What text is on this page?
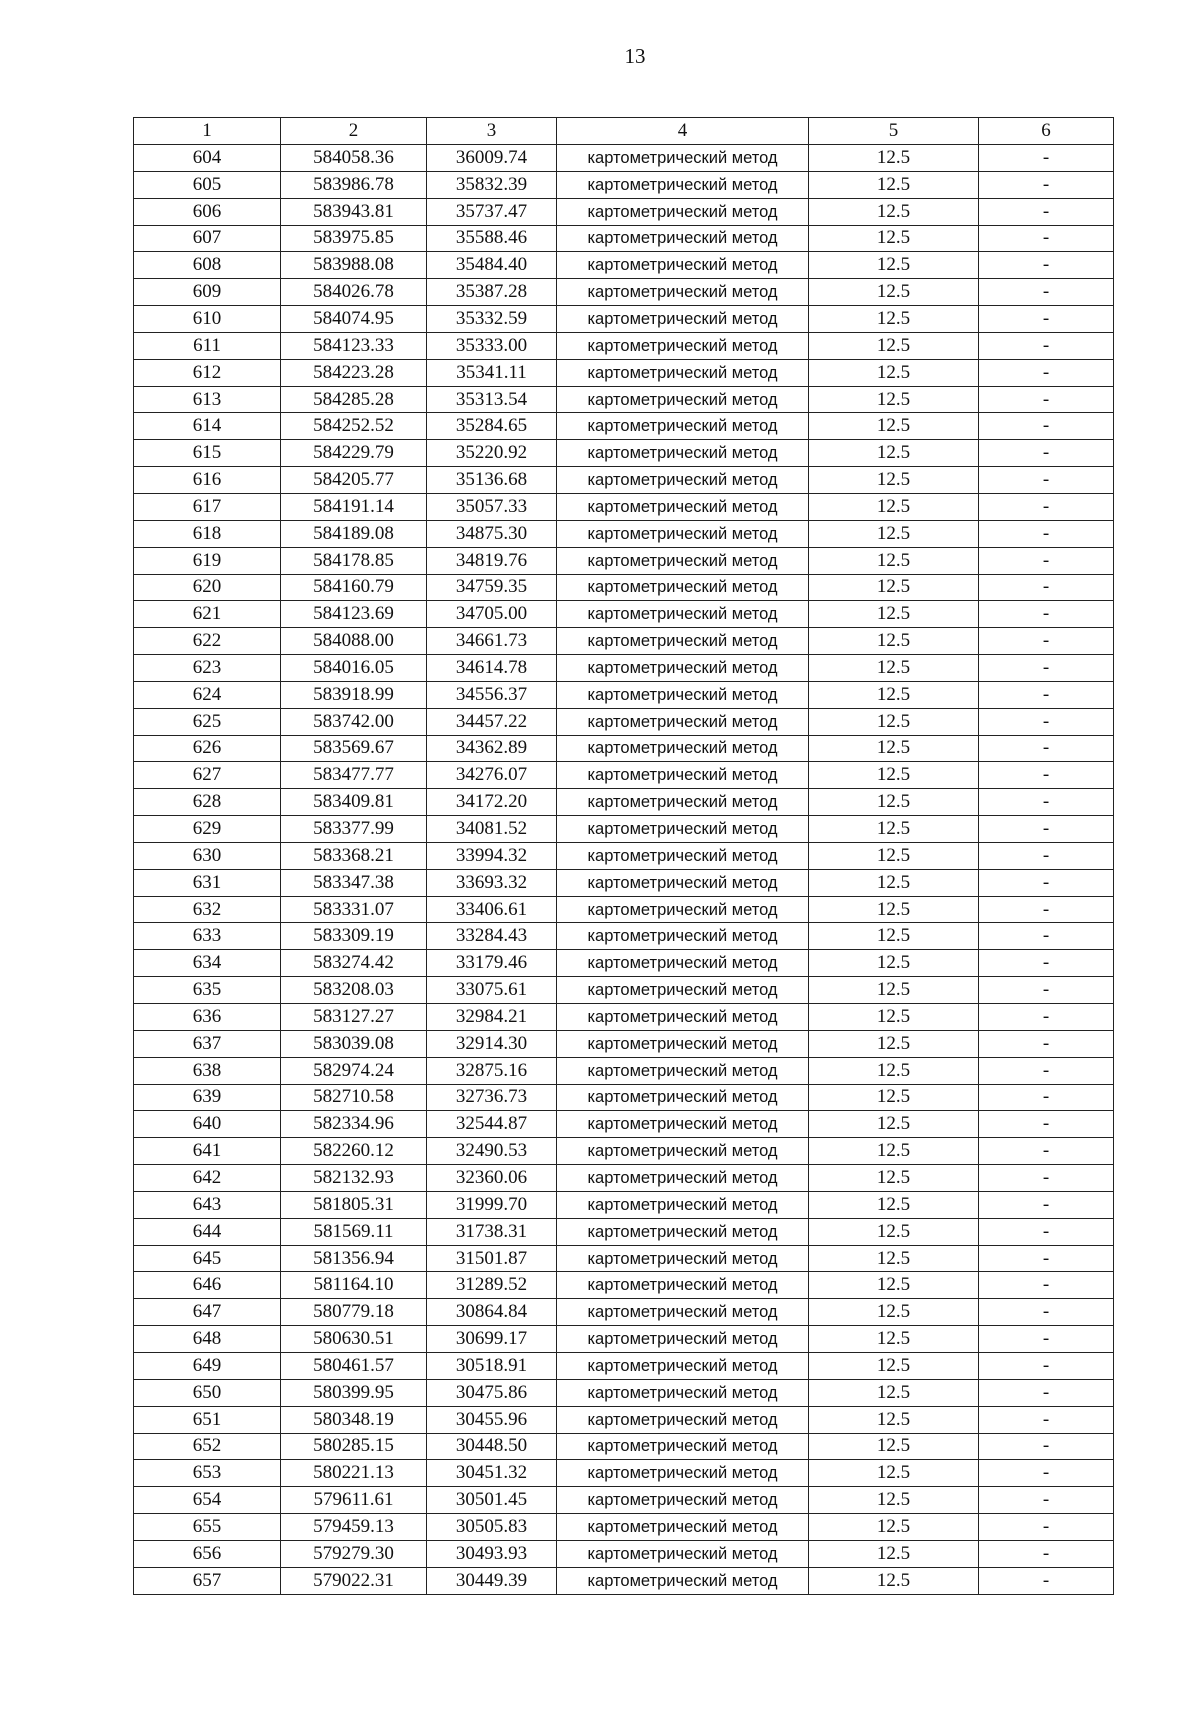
13
1	2	3	4	5	6
604	584058.36	36009.74	картометрический метод	12.5	-
605	583986.78	35832.39	картометрический метод	12.5	-
606	583943.81	35737.47	картометрический метод	12.5	-
607	583975.85	35588.46	картометрический метод	12.5	-
608	583988.08	35484.40	картометрический метод	12.5	-
609	584026.78	35387.28	картометрический метод	12.5	-
610	584074.95	35332.59	картометрический метод	12.5	-
611	584123.33	35333.00	картометрический метод	12.5	-
612	584223.28	35341.11	картометрический метод	12.5	-
613	584285.28	35313.54	картометрический метод	12.5	-
614	584252.52	35284.65	картометрический метод	12.5	-
615	584229.79	35220.92	картометрический метод	12.5	-
616	584205.77	35136.68	картометрический метод	12.5	-
617	584191.14	35057.33	картометрический метод	12.5	-
618	584189.08	34875.30	картометрический метод	12.5	-
619	584178.85	34819.76	картометрический метод	12.5	-
620	584160.79	34759.35	картометрический метод	12.5	-
621	584123.69	34705.00	картометрический метод	12.5	-
622	584088.00	34661.73	картометрический метод	12.5	-
623	584016.05	34614.78	картометрический метод	12.5	-
624	583918.99	34556.37	картометрический метод	12.5	-
625	583742.00	34457.22	картометрический метод	12.5	-
626	583569.67	34362.89	картометрический метод	12.5	-
627	583477.77	34276.07	картометрический метод	12.5	-
628	583409.81	34172.20	картометрический метод	12.5	-
629	583377.99	34081.52	картометрический метод	12.5	-
630	583368.21	33994.32	картометрический метод	12.5	-
631	583347.38	33693.32	картометрический метод	12.5	-
632	583331.07	33406.61	картометрический метод	12.5	-
633	583309.19	33284.43	картометрический метод	12.5	-
634	583274.42	33179.46	картометрический метод	12.5	-
635	583208.03	33075.61	картометрический метод	12.5	-
636	583127.27	32984.21	картометрический метод	12.5	-
637	583039.08	32914.30	картометрический метод	12.5	-
638	582974.24	32875.16	картометрический метод	12.5	-
639	582710.58	32736.73	картометрический метод	12.5	-
640	582334.96	32544.87	картометрический метод	12.5	-
641	582260.12	32490.53	картометрический метод	12.5	-
642	582132.93	32360.06	картометрический метод	12.5	-
643	581805.31	31999.70	картометрический метод	12.5	-
644	581569.11	31738.31	картометрический метод	12.5	-
645	581356.94	31501.87	картометрический метод	12.5	-
646	581164.10	31289.52	картометрический метод	12.5	-
647	580779.18	30864.84	картометрический метод	12.5	-
648	580630.51	30699.17	картометрический метод	12.5	-
649	580461.57	30518.91	картометрический метод	12.5	-
650	580399.95	30475.86	картометрический метод	12.5	-
651	580348.19	30455.96	картометрический метод	12.5	-
652	580285.15	30448.50	картометрический метод	12.5	-
653	580221.13	30451.32	картометрический метод	12.5	-
654	579611.61	30501.45	картометрический метод	12.5	-
655	579459.13	30505.83	картометрический метод	12.5	-
656	579279.30	30493.93	картометрический метод	12.5	-
657	579022.31	30449.39	картометрический метод	12.5	-
